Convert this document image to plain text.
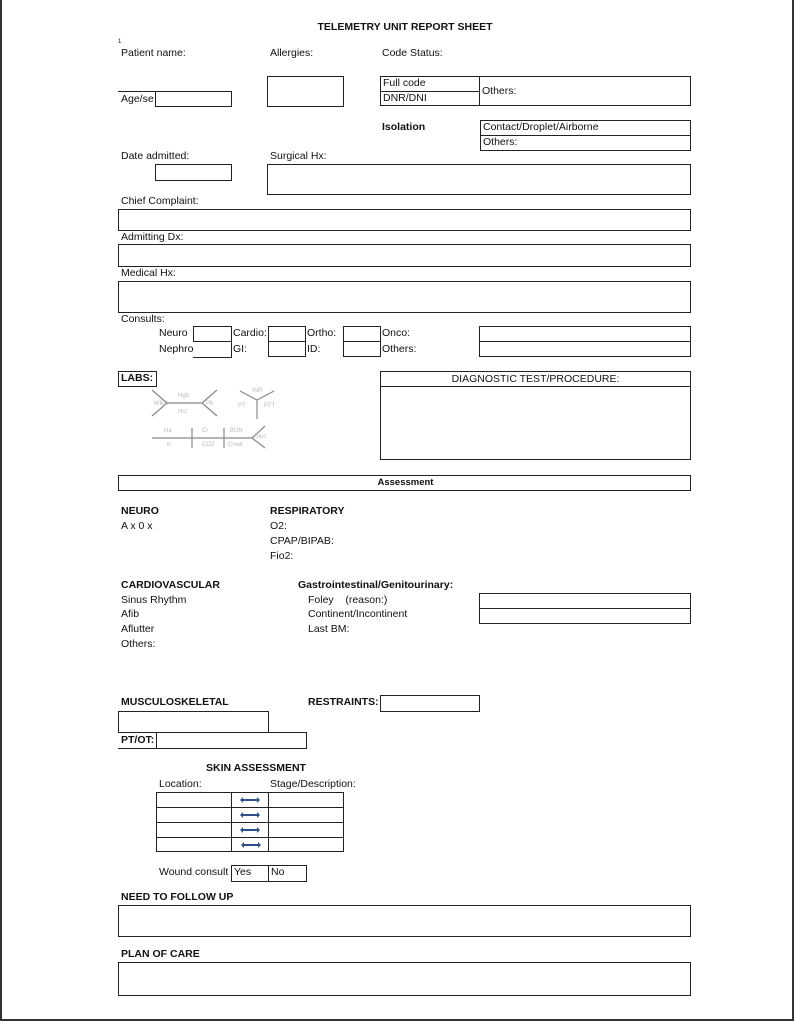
TELEMETRY UNIT REPORT SHEET
1
Patient name:	Allergies:	Code Status:
Age/se
Full code
DNR/DNI
Others:
Isolation	Contact/Droplet/Airborne
Others:
Date admitted:	Surgical Hx:
Chief Complaint:
Admitting Dx:
Medical Hx:
Consults:
Neuro	Cardio:	Ortho:	Onco:
Nephro	GI:	ID:	Others:
LABS:
Hgb
WBC	Plt
Hct
INR
PT	PTT
Na	Cl	BUN
Gluc
K	CO2 Creat
DIAGNOSTIC TEST/PROCEDURE:
Assessment
NEURO
A x 0 x
RESPIRATORY
O2:
CPAP/BIPAB:
Fio2:
CARDIOVASCULAR
Sinus Rhythm
Afib
Aflutter
Others:
Gastrointestinal/Genitourinary:
Foley    (reason:)
Continent/Incontinent
Last BM:
MUSCULOSKELETAL	RESTRAINTS:
PT/OT:
SKIN ASSESSMENT
Location:	Stage/Description:
Wound consult Yes	No
NEED TO FOLLOW UP
PLAN OF CARE
